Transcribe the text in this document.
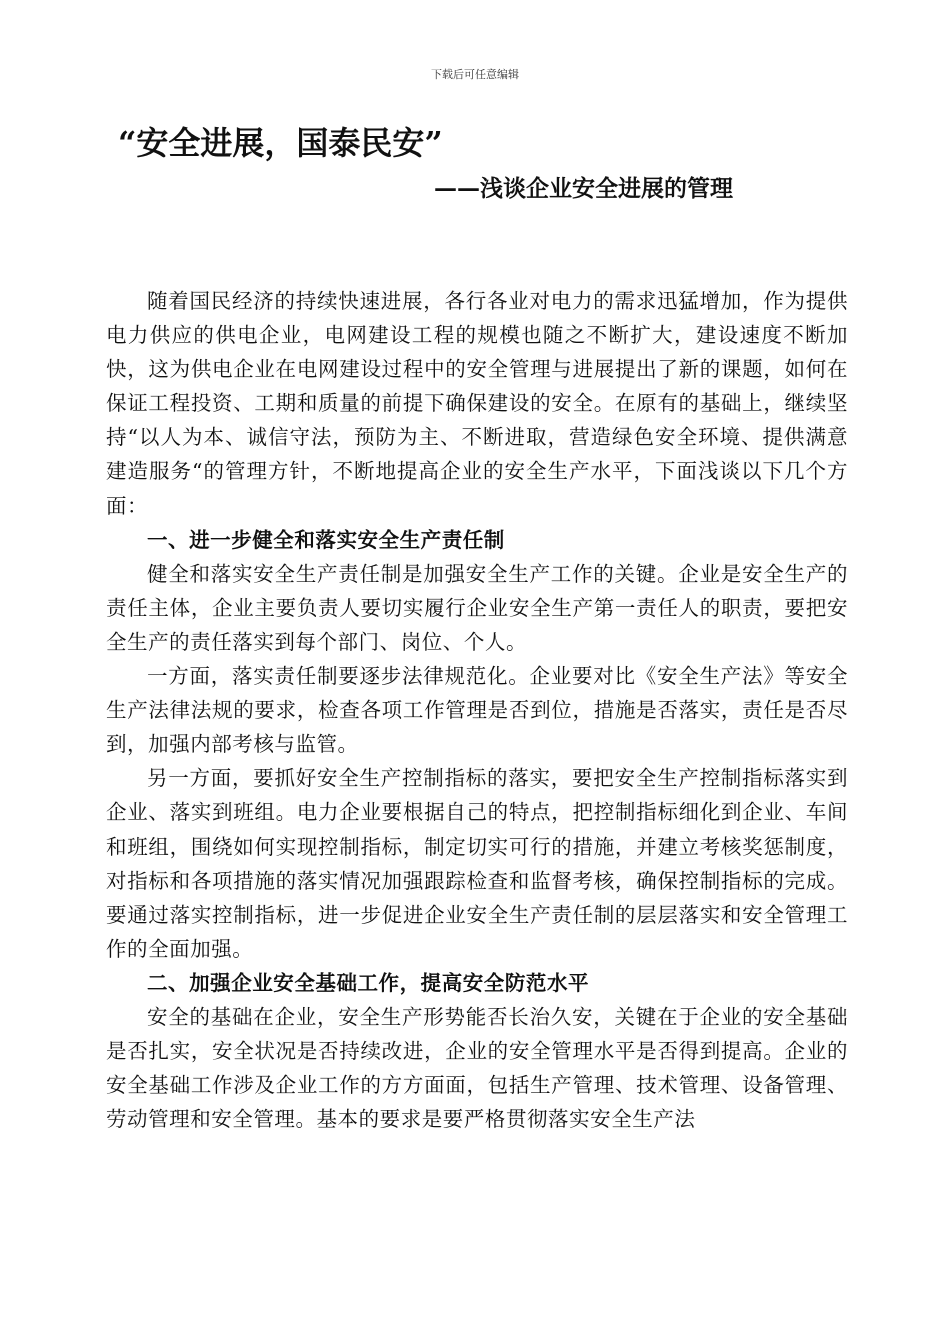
下载后可任意编辑
“安全进展，国泰民安”
——浅谈企业安全进展的管理

随着国民经济的持续快速进展，各行各业对电力的需求迅猛增加，作为提供电力供应的供电企业，电网建设工程的规模也随之不断扩大，建设速度不断加快，这为供电企业在电网建设过程中的安全管理与进展提出了新的课题，如何在保证工程投资、工期和质量的前提下确保建设的安全。在原有的基础上，继续坚持“以人为本、诚信守法，预防为主、不断进取，营造绿色安全环境、提供满意建造服务“的管理方针，不断地提高企业的安全生产水平，下面浅谈以下几个方面：

一、进一步健全和落实安全生产责任制

健全和落实安全生产责任制是加强安全生产工作的关键。企业是安全生产的责任主体，企业主要负责人要切实履行企业安全生产第一责任人的职责，要把安全生产的责任落实到每个部门、岗位、个人。

一方面，落实责任制要逐步法律规范化。企业要对比《安全生产法》等安全生产法律法规的要求，检查各项工作管理是否到位，措施是否落实，责任是否尽到，加强内部考核与监管。

另一方面，要抓好安全生产控制指标的落实，要把安全生产控制指标落实到企业、落实到班组。电力企业要根据自己的特点，把控制指标细化到企业、车间和班组，围绕如何实现控制指标，制定切实可行的措施，并建立考核奖惩制度，对指标和各项措施的落实情况加强跟踪检查和监督考核，确保控制指标的完成。要通过落实控制指标，进一步促进企业安全生产责任制的层层落实和安全管理工作的全面加强。

二、加强企业安全基础工作，提高安全防范水平

安全的基础在企业，安全生产形势能否长治久安，关键在于企业的安全基础是否扎实，安全状况是否持续改进，企业的安全管理水平是否得到提高。企业的安全基础工作涉及企业工作的方方面面，包括生产管理、技术管理、设备管理、劳动管理和安全管理。基本的要求是要严格贯彻落实安全生产法
